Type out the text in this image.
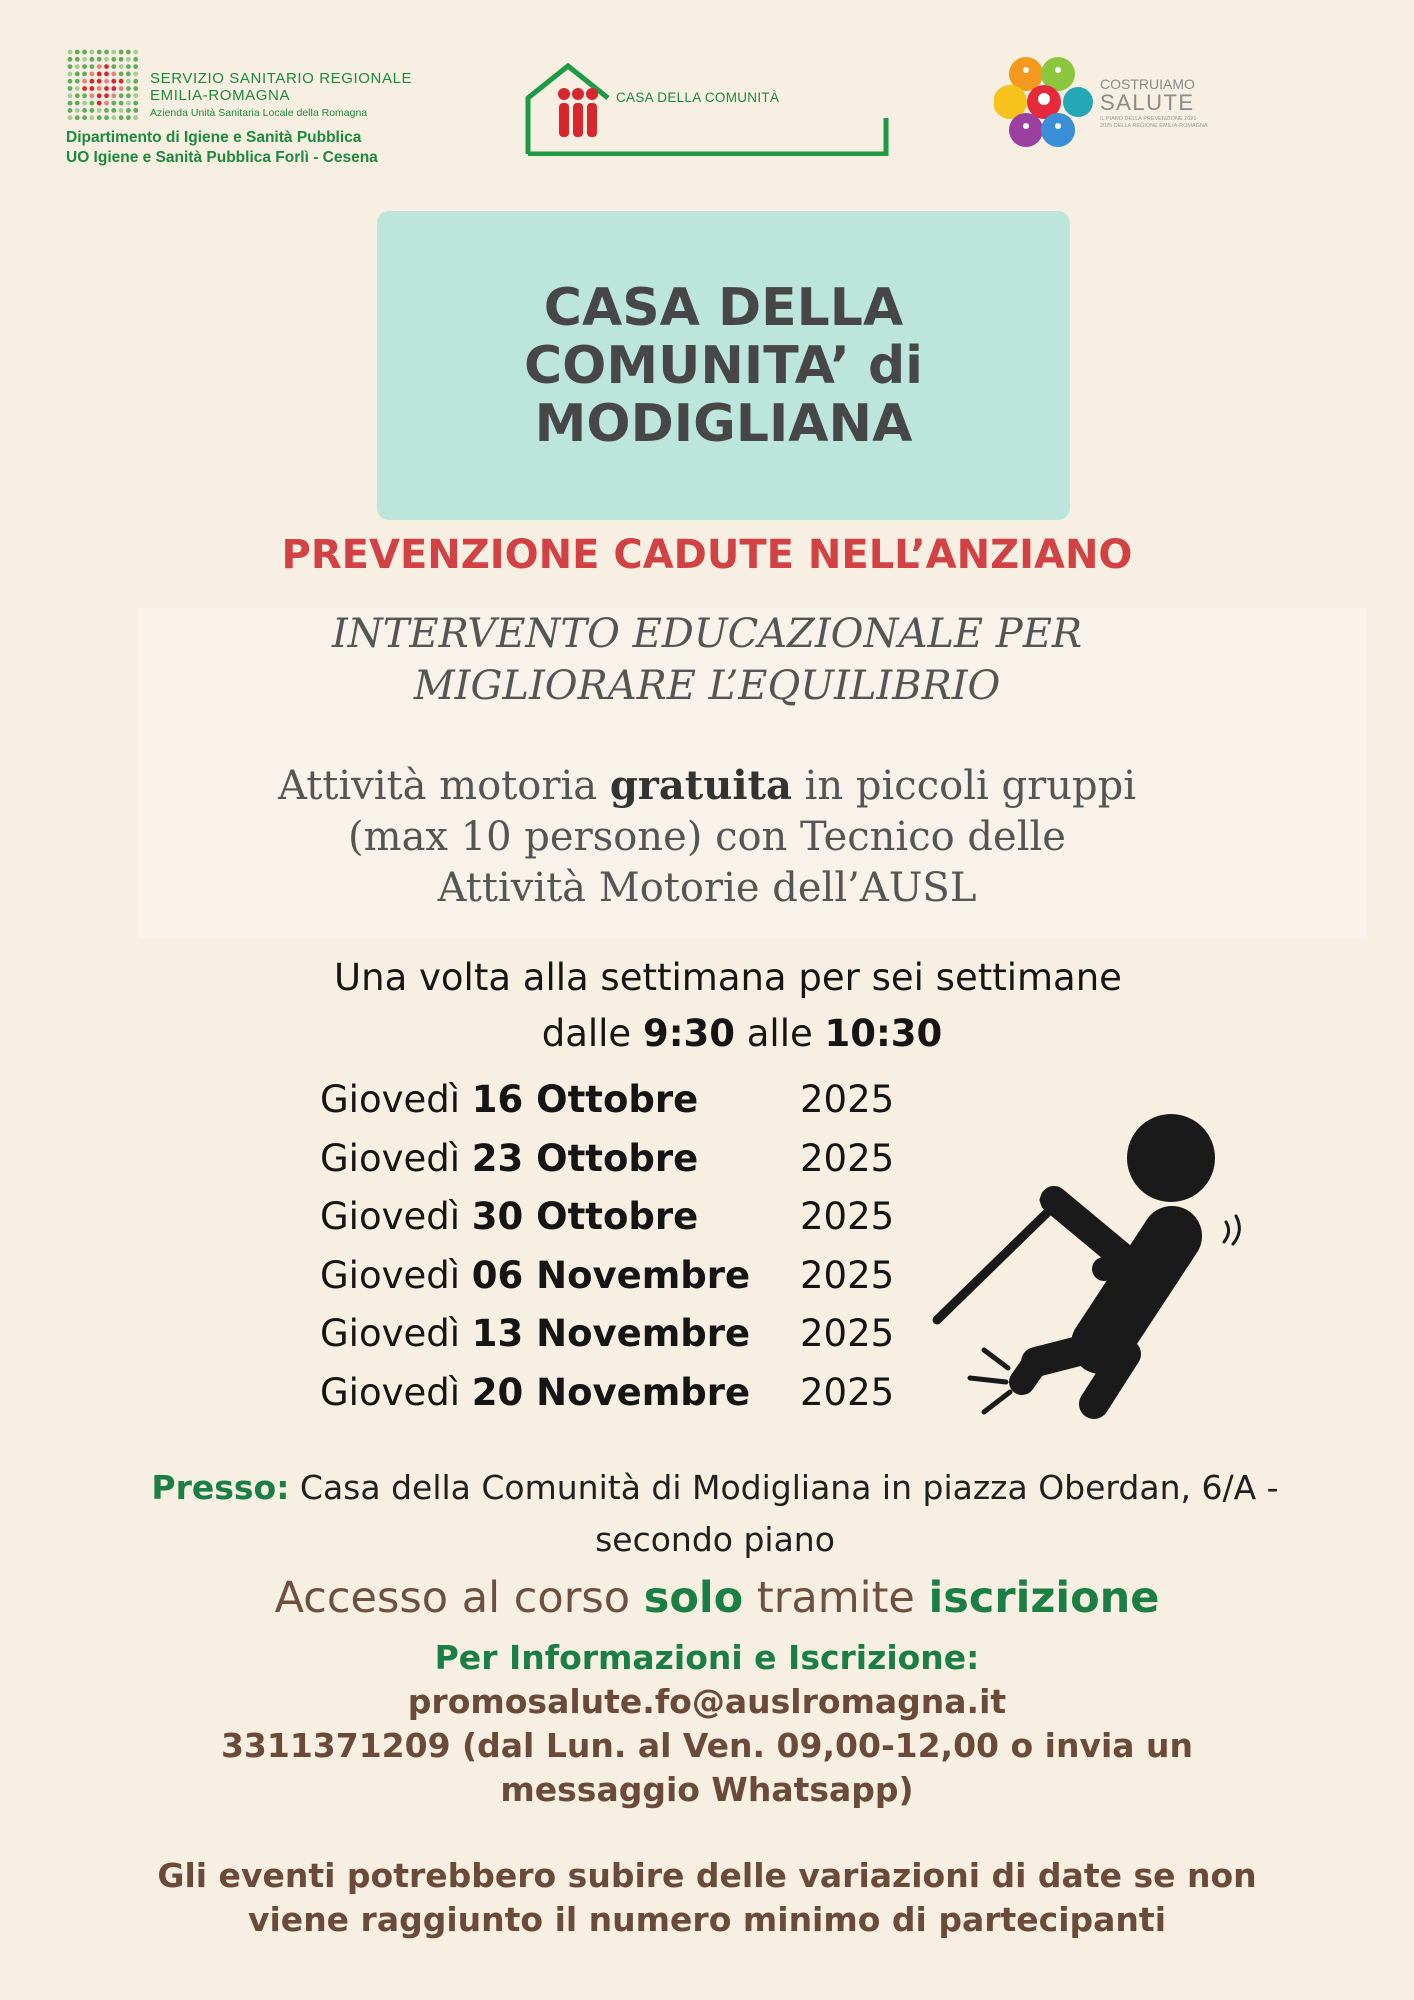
SERVIZIO SANITARIO REGIONALE
EMILIA-ROMAGNA
Azienda Unità Sanitaria Locale della Romagna
Dipartimento di Igiene e Sanità Pubblica
UO Igiene e Sanità Pubblica Forlì - Cesena
CASA DELLA COMUNITÀ
COSTRUIAMO
SALUTE
IL PIANO DELLA PREVENZIONE 2021-2025 DELLA REGIONE EMILIA-ROMAGNA
CASA DELLA
COMUNITA’ di
MODIGLIANA
PREVENZIONE CADUTE NELL’ANZIANO
INTERVENTO EDUCAZIONALE PER
MIGLIORARE L’EQUILIBRIO
Attività motoria gratuita in piccoli gruppi
(max 10 persone) con Tecnico delle
Attività Motorie dell’AUSL
Una volta alla settimana per sei settimane
dalle 9:30 alle 10:30
Giovedì 16 Ottobre	2025
Giovedì 23 Ottobre	2025
Giovedì 30 Ottobre	2025
Giovedì 06 Novembre 2025
Giovedì 13 Novembre 2025
Giovedì 20 Novembre 2025
Presso: Casa della Comunità di Modigliana in piazza Oberdan, 6/A -
secondo piano
Accesso al corso solo tramite iscrizione
Per Informazioni e Iscrizione:
promosalute.fo@auslromagna.it
3311371209 (dal Lun. al Ven. 09,00-12,00 o invia un
messaggio Whatsapp)
Gli eventi potrebbero subire delle variazioni di date se non
viene raggiunto il numero minimo di partecipanti
